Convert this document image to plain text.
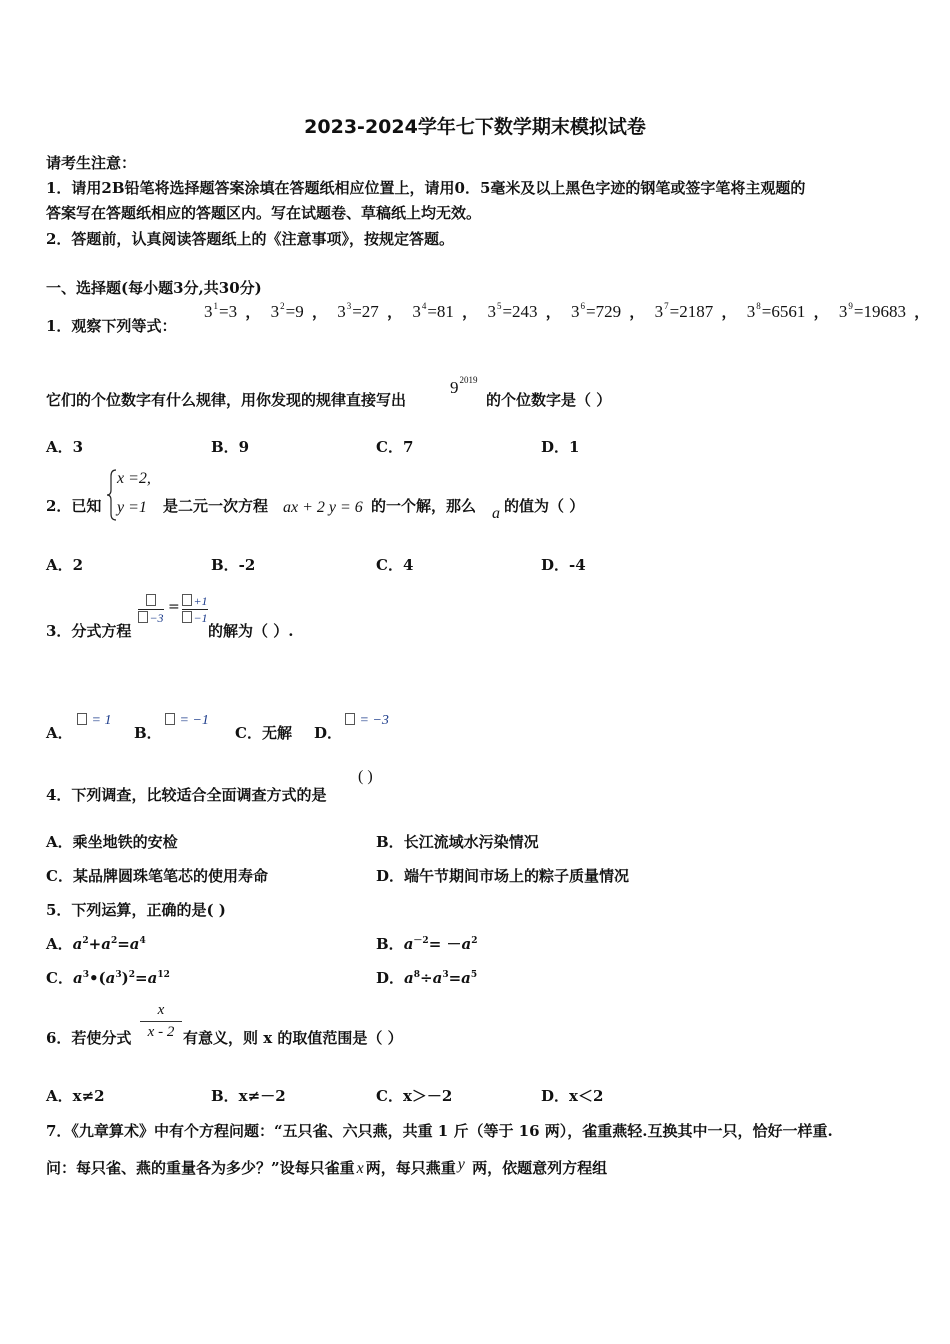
2023-2024学年七下数学期末模拟试卷
请考生注意：
1．请用2B铅笔将选择题答案涂填在答题纸相应位置上，请用0．5毫米及以上黑色字迹的钢笔或签字笔将主观题的
答案写在答题纸相应的答题区内。写在试题卷、草稿纸上均无效。
2．答题前，认真阅读答题纸上的《注意事项》，按规定答题。
一、选择题(每小题3分,共30分)
1．观察下列等式：
$3^1=3$ ， $3^2=9$ ， $3^3=27$ ， $3^4=81$ ， $3^5=243$ ， $3^6=729$ ， $3^7=2187$ ， $3^8=6561$ ， $3^9=19683$ ，
它们的个位数字有什么规律，用你发现的规律直接写出
$9^{2019}$
的个位数字是（ ）
A．3	B．9	C．7	D．1
2．已知
x =2,
y =1 是二元一次方程 ax + 2 y = 6 的一个解，那么 a 的值为（ ）
A．2	B．-2	C．4	D．-4
3．分式方程
−3
=	+1
−1
的解为（ ）.
A．
= 1
B．
= −1
C．无解 D．
= −3
4．下列调查，比较适合全面调查方式的是
( )
A．乘坐地铁的安检	B．长江流域水污染情况
C．某品牌圆珠笔笔芯的使用寿命	D．端午节期间市场上的粽子质量情况
5．下列运算，正确的是( )
A．$a^2+a^2=a^4$	B．$a^{-2}= -a^2$
C．$a^3•(a^3)^2=a^{12}$	D．$a^8\div a^3=a^5$
6．若使分式
x
x - 2 有意义，则 x 的取值范围是（ ）
A．x≠2	B．x≠－2	C．x＞－2	D．x＜2
7．《九章算术》中有个方程问题：“五只雀、六只燕，共重 1 斤（等于 16 两），雀重燕轻.互换其中一只，恰好一样重.
问：每只雀、燕的重量各为多少？”设每只雀重 x 两，每只燕重 y 两，依题意列方程组
